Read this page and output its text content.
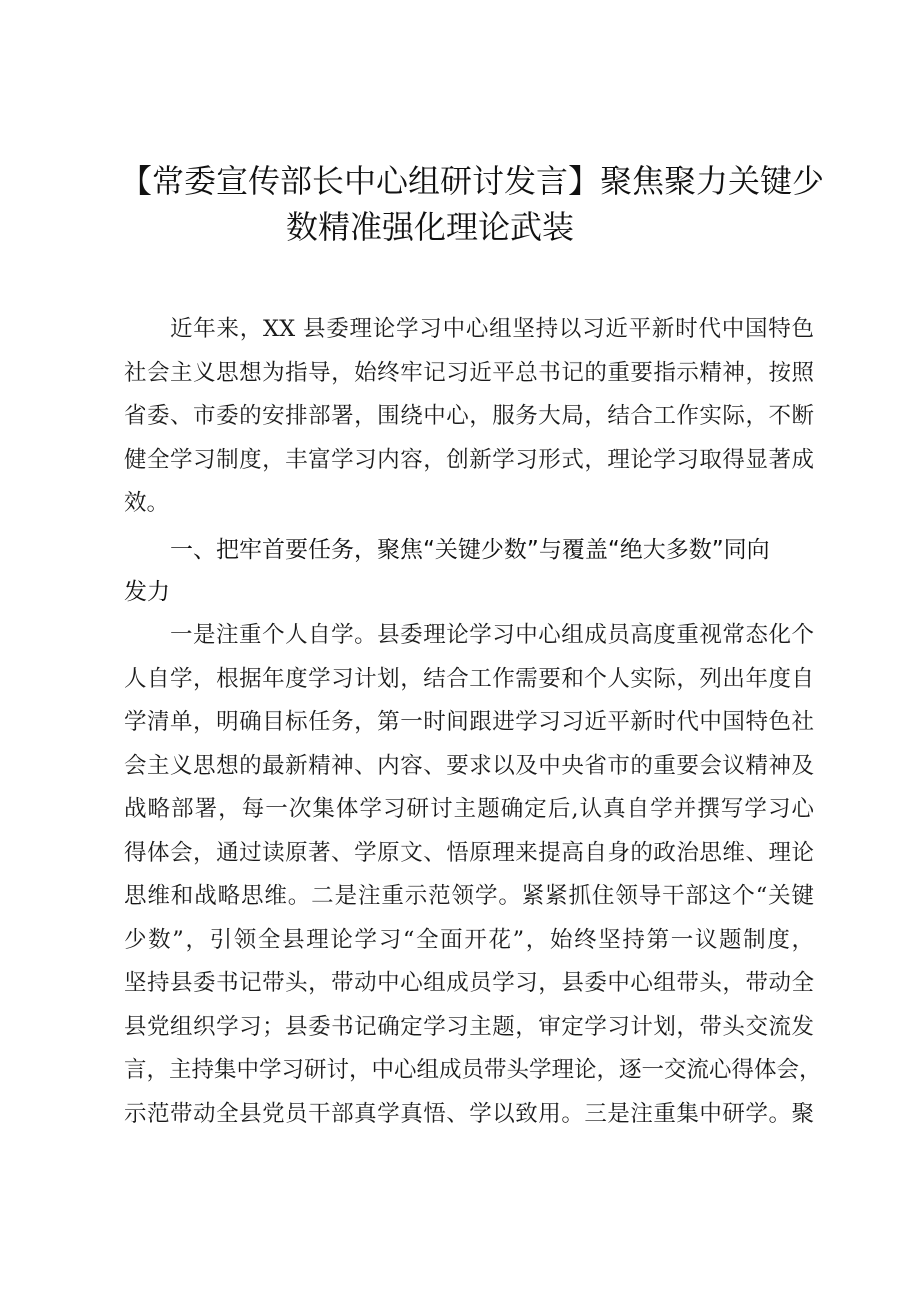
【常委宣传部长中心组研讨发言】聚焦聚力关键少
数精准强化理论武装
近年来，XX 县委理论学习中心组坚持以习近平新时代中国特色
社会主义思想为指导，始终牢记习近平总书记的重要指示精神，按照
省委、市委的安排部署，围绕中心，服务大局，结合工作实际，不断
健全学习制度，丰富学习内容，创新学习形式，理论学习取得显著成
效。
一、把牢首要任务，聚焦“关键少数”与覆盖“绝大多数”同向
发力
一是注重个人自学。县委理论学习中心组成员高度重视常态化个
人自学，根据年度学习计划，结合工作需要和个人实际，列出年度自
学清单，明确目标任务，第一时间跟进学习习近平新时代中国特色社
会主义思想的最新精神、内容、要求以及中央省市的重要会议精神及
战略部署，每一次集体学习研讨主题确定后,认真自学并撰写学习心
得体会，通过读原著、学原文、悟原理来提高自身的政治思维、理论
思维和战略思维。二是注重示范领学。紧紧抓住领导干部这个“关键
少数”，引领全县理论学习“全面开花”，始终坚持第一议题制度，
坚持县委书记带头，带动中心组成员学习，县委中心组带头，带动全
县党组织学习；县委书记确定学习主题，审定学习计划，带头交流发
言，主持集中学习研讨，中心组成员带头学理论，逐一交流心得体会，
示范带动全县党员干部真学真悟、学以致用。三是注重集中研学。聚
